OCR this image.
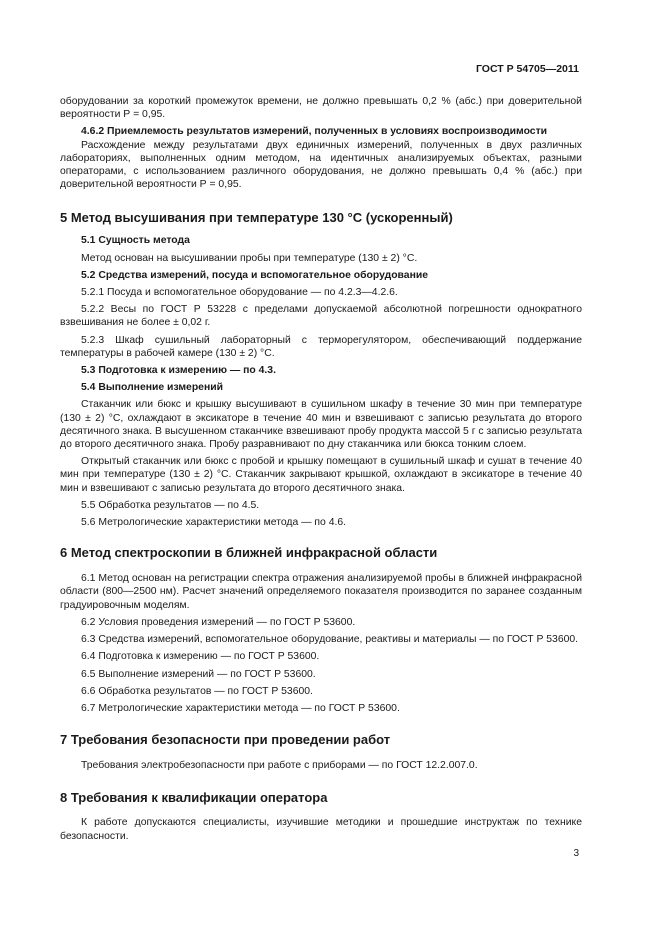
ГОСТ Р 54705—2011

оборудовании за короткий промежуток времени, не должно превышать 0,2 % (абс.) при доверительной вероятности Р = 0,95.

4.6.2 Приемлемость результатов измерений, полученных в условиях воспроизводимости

Расхождение между результатами двух единичных измерений, полученных в двух различных лабораториях, выполненных одним методом, на идентичных анализируемых объектах, разными операторами, с использованием различного оборудования, не должно превышать 0,4 % (абс.) при доверительной вероятности Р = 0,95.

5 Метод высушивания при температуре 130 °С (ускоренный)

5.1 Сущность метода

Метод основан на высушивании пробы при температуре (130 ± 2) °С.

5.2 Средства измерений, посуда и вспомогательное оборудование

5.2.1 Посуда и вспомогательное оборудование — по 4.2.3—4.2.6.

5.2.2 Весы по ГОСТ Р 53228 с пределами допускаемой абсолютной погрешности однократного взвешивания не более ± 0,02 г.

5.2.3 Шкаф сушильный лабораторный с терморегулятором, обеспечивающий поддержание температуры в рабочей камере (130 ± 2) °С.

5.3 Подготовка к измерению — по 4.3.

5.4 Выполнение измерений

Стаканчик или бюкс и крышку высушивают в сушильном шкафу в течение 30 мин при температуре (130 ± 2) °С, охлаждают в эксикаторе в течение 40 мин и взвешивают с записью результата до второго десятичного знака. В высушенном стаканчике взвешивают пробу продукта массой 5 г с записью результата до второго десятичного знака. Пробу разравнивают по дну стаканчика или бюкса тонким слоем.

Открытый стаканчик или бюкс с пробой и крышку помещают в сушильный шкаф и сушат в течение 40 мин при температуре (130 ± 2) °С. Стаканчик закрывают крышкой, охлаждают в эксикаторе в течение 40 мин и взвешивают с записью результата до второго десятичного знака.

5.5 Обработка результатов — по 4.5.

5.6 Метрологические характеристики метода — по 4.6.

6 Метод спектроскопии в ближней инфракрасной области

6.1 Метод основан на регистрации спектра отражения анализируемой пробы в ближней инфракрасной области (800—2500 нм). Расчет значений определяемого показателя производится по заранее созданным градуировочным моделям.

6.2 Условия проведения измерений — по ГОСТ Р 53600.

6.3 Средства измерений, вспомогательное оборудование, реактивы и материалы — по ГОСТ Р 53600.

6.4 Подготовка к измерению — по ГОСТ Р 53600.

6.5 Выполнение измерений — по ГОСТ Р 53600.

6.6 Обработка результатов — по ГОСТ Р 53600.

6.7 Метрологические характеристики метода — по ГОСТ Р 53600.

7 Требования безопасности при проведении работ

Требования электробезопасности при работе с приборами — по ГОСТ 12.2.007.0.

8 Требования к квалификации оператора

К работе допускаются специалисты, изучившие методики и прошедшие инструктаж по технике безопасности.

3
